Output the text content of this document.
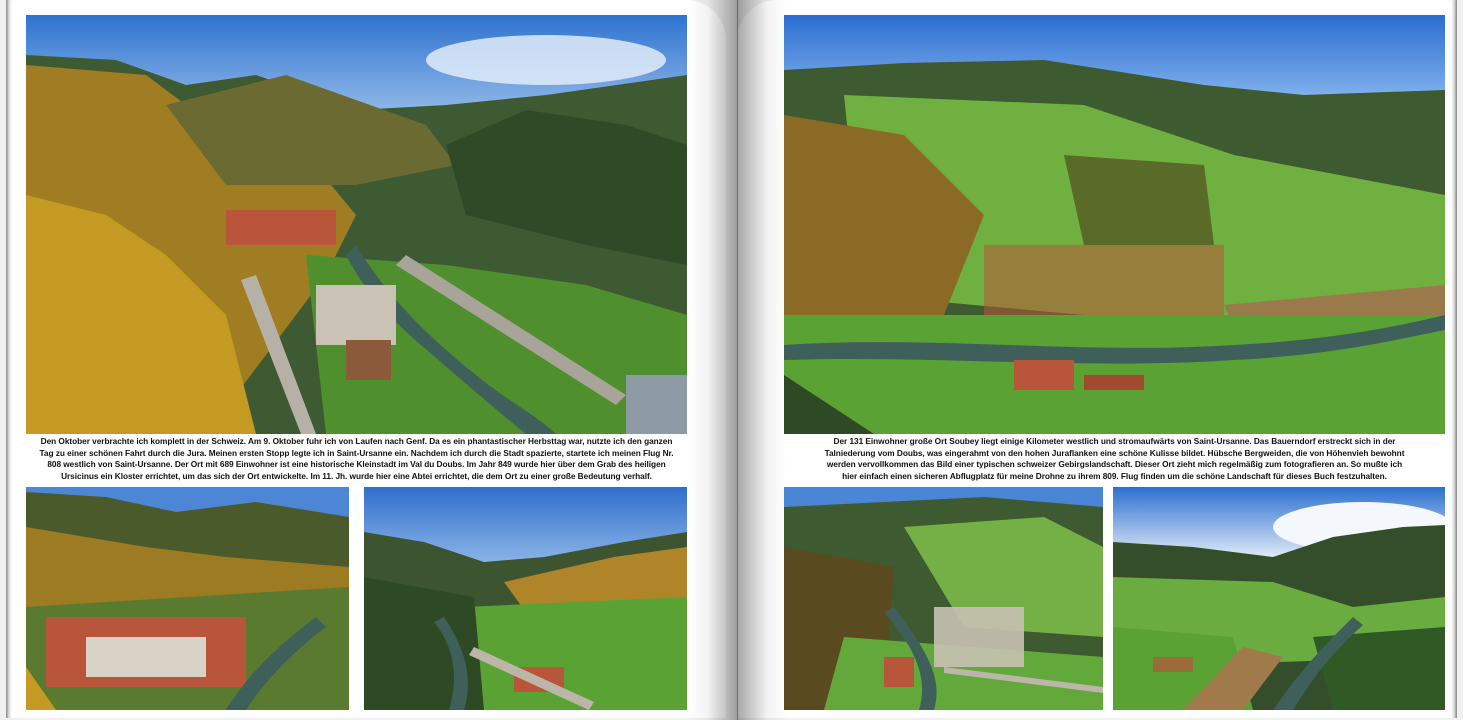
Den Oktober verbrachte ich komplett in der Schweiz. Am 9. Oktober fuhr ich von Laufen nach Genf. Da es ein phantastischer Herbsttag war, nutzte ich den ganzen

Tag zu einer schönen Fahrt durch die Jura. Meinen ersten Stopp legte ich in Saint-Ursanne ein. Nachdem ich durch die Stadt spazierte, startete ich meinen Flug Nr.

808 westlich von Saint-Ursanne. Der Ort mit 689 Einwohner ist eine historische Kleinstadt im Val du Doubs. Im Jahr 849 wurde hier über dem Grab des heiligen

Ursicinus ein Kloster errichtet, um das sich der Ort entwickelte. Im 11. Jh. wurde hier eine Abtei errichtet, die dem Ort zu einer große Bedeutung verhalf.

Der 131 Einwohner große Ort Soubey liegt einige Kilometer westlich und stromaufwärts von Saint-Ursanne. Das Bauerndorf erstreckt sich in der

Talniederung vom Doubs, was eingerahmt von den hohen Juraflanken eine schöne Kulisse bildet. Hübsche Bergweiden, die von Höhenvieh bewohnt

werden vervollkommen das Bild einer typischen schweizer Gebirgslandschaft. Dieser Ort zieht mich regelmäßig zum fotografieren an. So mußte ich

hier einfach einen sicheren Abflugplatz für meine Drohne zu ihrem 809. Flug finden um die schöne Landschaft für dieses Buch festzuhalten.
